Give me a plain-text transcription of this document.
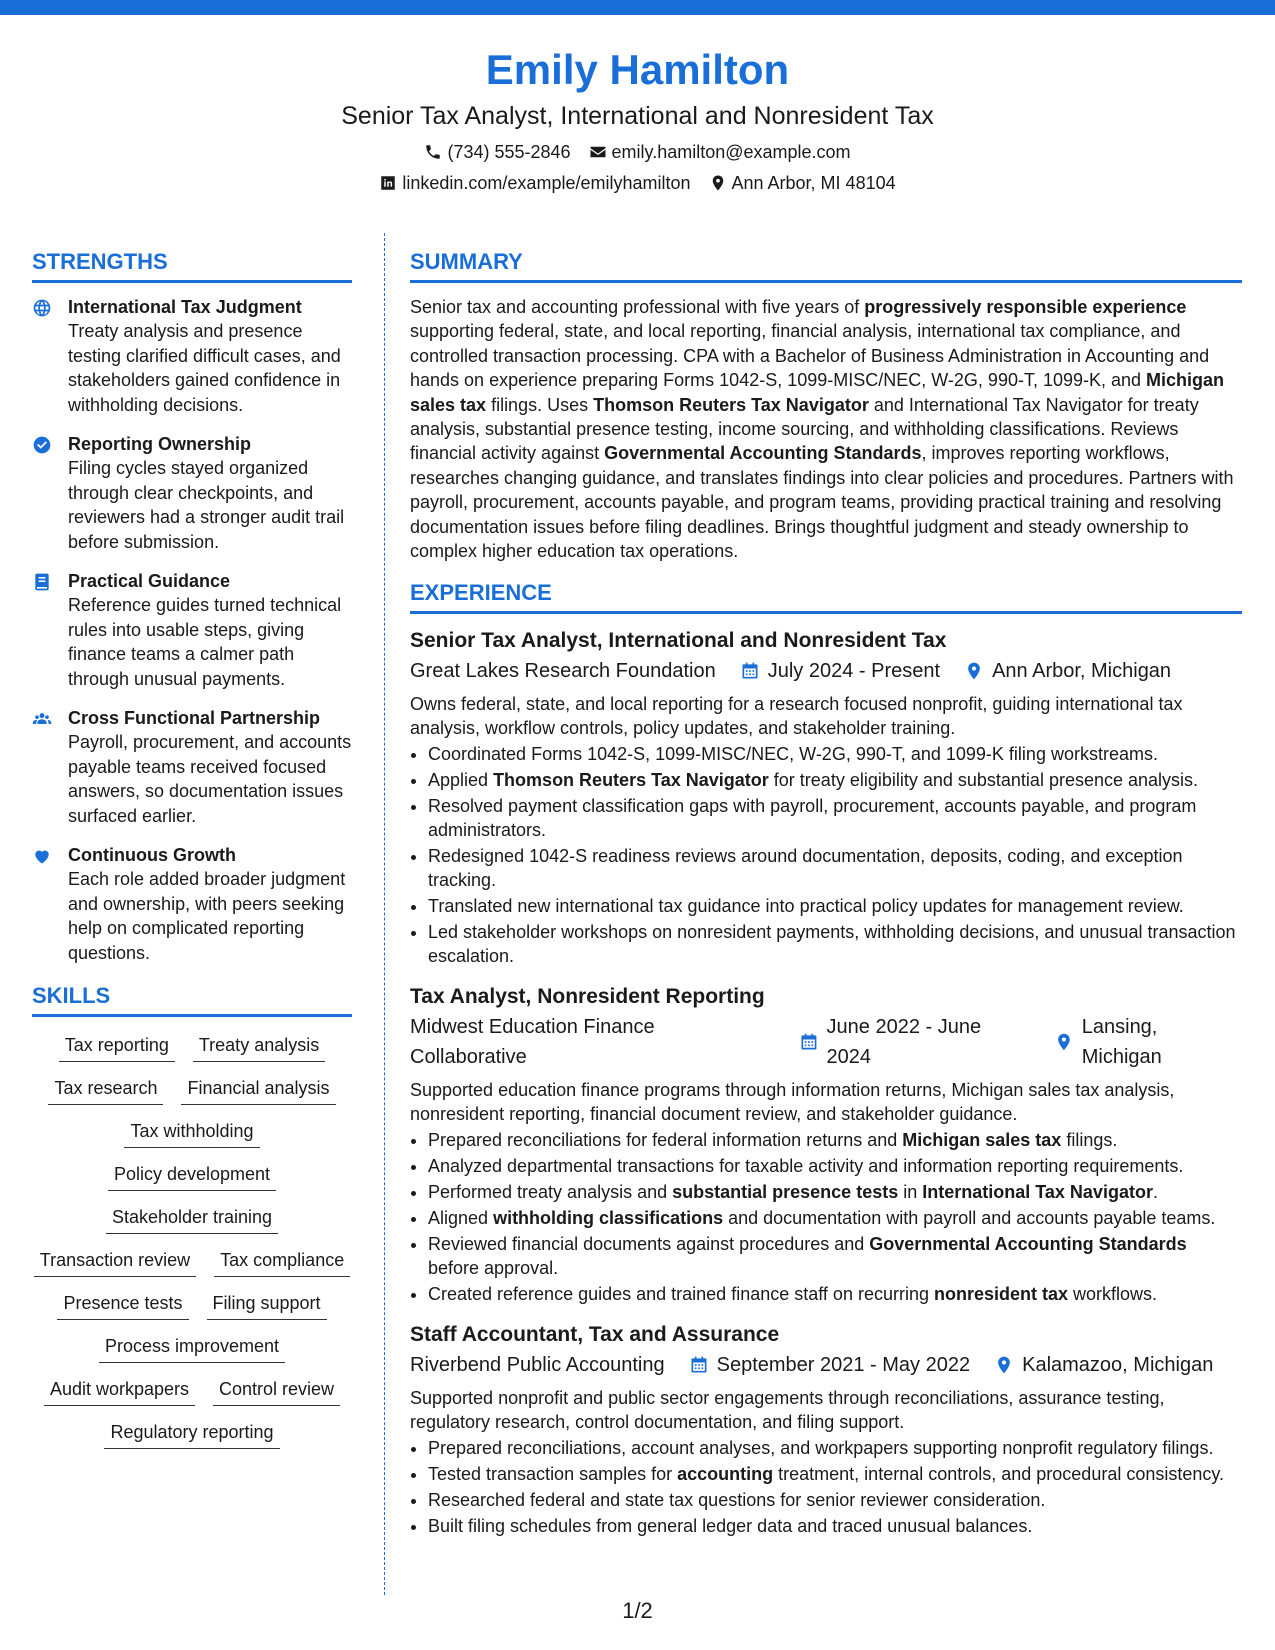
Emily Hamilton
Senior Tax Analyst, International and Nonresident Tax
(734) 555-2846 emily.hamilton@example.com
linkedin.com/example/emilyhamilton Ann Arbor, MI 48104
STRENGTHS
International Tax Judgment
Treaty analysis and presence testing clarified difficult cases, and stakeholders gained confidence in withholding decisions.
Reporting Ownership
Filing cycles stayed organized through clear checkpoints, and reviewers had a stronger audit trail before submission.
Practical Guidance
Reference guides turned technical rules into usable steps, giving finance teams a calmer path through unusual payments.
Cross Functional Partnership
Payroll, procurement, and accounts payable teams received focused answers, so documentation issues surfaced earlier.
Continuous Growth
Each role added broader judgment and ownership, with peers seeking help on complicated reporting questions.
SKILLS
Tax reporting	Treaty analysis
Tax research	Financial analysis
Tax withholding
Policy development
Stakeholder training
Transaction review	Tax compliance
Presence tests	Filing support
Process improvement
Audit workpapers	Control review
Regulatory reporting
SUMMARY
Senior tax and accounting professional with five years of progressively responsible experience supporting federal, state, and local reporting, financial analysis, international tax compliance, and controlled transaction processing. CPA with a Bachelor of Business Administration in Accounting and hands on experience preparing Forms 1042-S, 1099-MISC/NEC, W-2G, 990-T, 1099-K, and Michigan sales tax filings. Uses Thomson Reuters Tax Navigator and International Tax Navigator for treaty analysis, substantial presence testing, income sourcing, and withholding classifications. Reviews financial activity against Governmental Accounting Standards, improves reporting workflows, researches changing guidance, and translates findings into clear policies and procedures. Partners with payroll, procurement, accounts payable, and program teams, providing practical training and resolving documentation issues before filing deadlines. Brings thoughtful judgment and steady ownership to complex higher education tax operations.
EXPERIENCE
Senior Tax Analyst, International and Nonresident Tax
Great Lakes Research Foundation	July 2024 - Present	Ann Arbor, Michigan
Owns federal, state, and local reporting for a research focused nonprofit, guiding international tax analysis, workflow controls, policy updates, and stakeholder training.
• Coordinated Forms 1042-S, 1099-MISC/NEC, W-2G, 990-T, and 1099-K filing workstreams.
• Applied Thomson Reuters Tax Navigator for treaty eligibility and substantial presence analysis.
• Resolved payment classification gaps with payroll, procurement, accounts payable, and program administrators.
• Redesigned 1042-S readiness reviews around documentation, deposits, coding, and exception tracking.
• Translated new international tax guidance into practical policy updates for management review.
• Led stakeholder workshops on nonresident payments, withholding decisions, and unusual transaction escalation.
Tax Analyst, Nonresident Reporting
Midwest Education Finance Collaborative
June 2022 - June 2024
Lansing, Michigan
Supported education finance programs through information returns, Michigan sales tax analysis, nonresident reporting, financial document review, and stakeholder guidance.
• Prepared reconciliations for federal information returns and Michigan sales tax filings.
• Analyzed departmental transactions for taxable activity and information reporting requirements.
• Performed treaty analysis and substantial presence tests in International Tax Navigator.
• Aligned withholding classifications and documentation with payroll and accounts payable teams.
• Reviewed financial documents against procedures and Governmental Accounting Standards before approval.
• Created reference guides and trained finance staff on recurring nonresident tax workflows.
Staff Accountant, Tax and Assurance
Riverbend Public Accounting	September 2021 - May 2022	Kalamazoo, Michigan
Supported nonprofit and public sector engagements through reconciliations, assurance testing, regulatory research, control documentation, and filing support.
• Prepared reconciliations, account analyses, and workpapers supporting nonprofit regulatory filings.
• Tested transaction samples for accounting treatment, internal controls, and procedural consistency.
• Researched federal and state tax questions for senior reviewer consideration.
• Built filing schedules from general ledger data and traced unusual balances.
1/2
